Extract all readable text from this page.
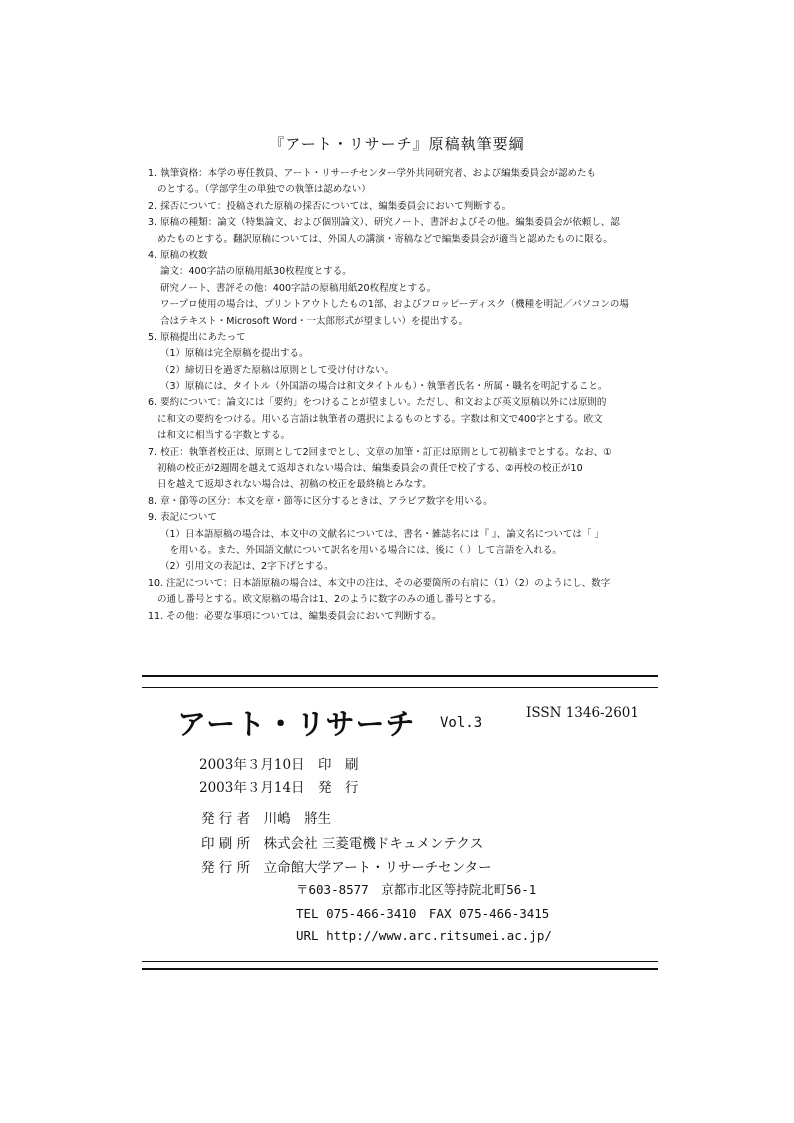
『アート・リサーチ』原稿執筆要綱
1. 執筆資格：本学の専任教員、アート・リサーチセンター学外共同研究者、および編集委員会が認めたも
のとする。（学部学生の単独での執筆は認めない）
2. 採否について：投稿された原稿の採否については、編集委員会において判断する。
3. 原稿の種類：論文（特集論文、および個別論文）、研究ノート、書評およびその他。編集委員会が依頼し、認
めたものとする。翻訳原稿については、外国人の講演・寄稿などで編集委員会が適当と認めたものに限る。
4. 原稿の枚数
論文：400字詰の原稿用紙30枚程度とする。
研究ノート、書評その他：400字詰の原稿用紙20枚程度とする。
ワープロ使用の場合は、プリントアウトしたもの1部、およびフロッピーディスク（機種を明記／パソコンの場
合はテキスト・Microsoft Word・一太郎形式が望ましい）を提出する。
5. 原稿提出にあたって
（1）原稿は完全原稿を提出する。
（2）締切日を過ぎた原稿は原則として受け付けない。
（3）原稿には、タイトル（外国語の場合は和文タイトルも）・執筆者氏名・所属・職名を明記すること。
6. 要約について：論文には「要約」をつけることが望ましい。ただし、和文および英文原稿以外には原則的
に和文の要約をつける。用いる言語は執筆者の選択によるものとする。字数は和文で400字とする。欧文
は和文に相当する字数とする。
7. 校正：執筆者校正は、原則として2回までとし、文章の加筆・訂正は原則として初稿までとする。なお、①
初稿の校正が2週間を越えて返却されない場合は、編集委員会の責任で校了する、②再校の校正が10
日を越えて返却されない場合は、初稿の校正を最終稿とみなす。
8. 章・節等の区分：本文を章・節等に区分するときは、アラビア数字を用いる。
9. 表記について
（1）日本語原稿の場合は、本文中の文献名については、書名・雑誌名には『 』、論文名については「 」
　を用いる。また、外国語文献について訳名を用いる場合には、後に（ ）して言語を入れる。
（2）引用文の表記は、2字下げとする。
10. 注記について：日本語原稿の場合は、本文中の注は、その必要箇所の右肩に（1）（2）のようにし、数字
の通し番号とする。欧文原稿の場合は1、2のように数字のみの通し番号とする。
11. その他：必要な事項については、編集委員会において判断する。
アート・リサーチ Vol.3
ISSN 1346-2601
2003年３月10日　印　刷
2003年３月14日　発　行
発 行 者　川嶋　將生
印 刷 所　株式会社 三菱電機ドキュメンテクス
発 行 所　立命館大学アート・リサーチセンター
〒603-8577　京都市北区等持院北町56-1
TEL 075-466-3410　FAX 075-466-3415
URL http://www.arc.ritsumei.ac.jp/
